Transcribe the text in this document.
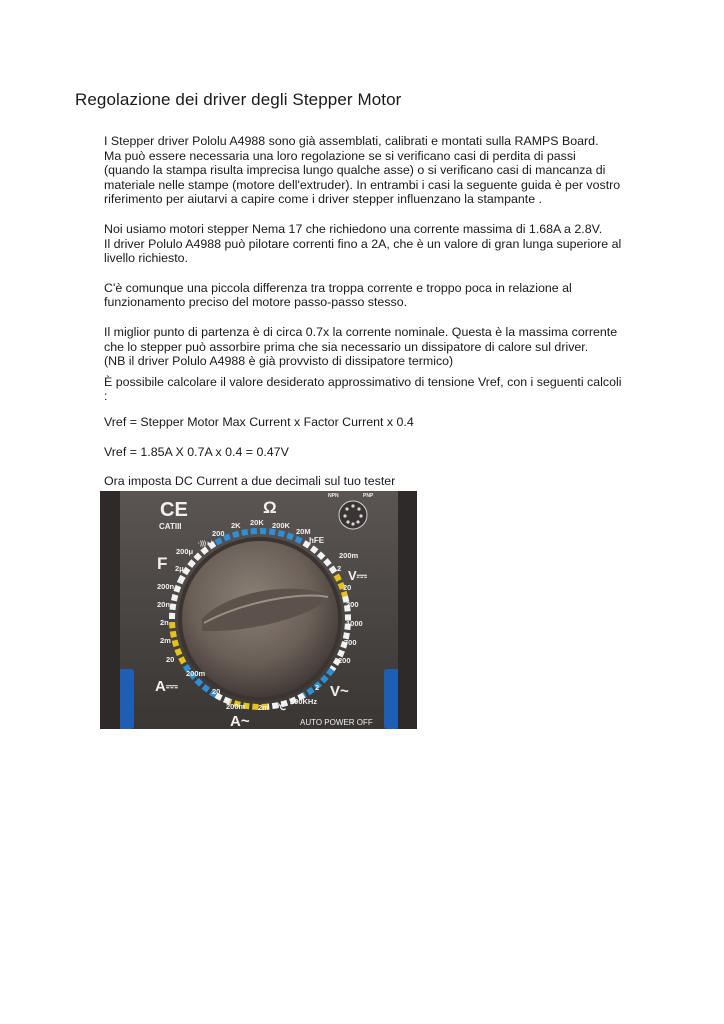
Regolazione dei driver degli Stepper Motor

I Stepper driver Pololu A4988 sono già assemblati, calibrati e montati sulla RAMPS Board.

Ma può essere necessaria una loro regolazione se si verificano casi di perdita di passi (quando la stampa risulta imprecisa lungo qualche asse) o si verificano casi di mancanza di materiale nelle stampe (motore dell'extruder). In entrambi i casi la seguente guida è per vostro riferimento per aiutarvi a capire come i driver stepper influenzano la stampante .

Noi usiamo motori stepper Nema 17 che richiedono una corrente massima di 1.68A a 2.8V.

Il driver Polulo A4988 può pilotare correnti fino a 2A, che è un valore di gran lunga superiore al livello richiesto.

C'è comunque una piccola differenza tra troppa corrente e troppo poca in relazione al funzionamento preciso del motore passo-passo stesso.

Il miglior punto di partenza è di circa 0.7x la corrente nominale. Questa è la massima corrente che lo stepper può assorbire prima che sia necessario un dissipatore di calore sul driver.

(NB il driver Polulo A4988 è già provvisto di dissipatore termico)

È possibile calcolare il valore desiderato approssimativo di tensione Vref, con i seguenti calcoli :

Vref = Stepper Motor Max Current x Factor Current x 0.4

Vref = 1.85A X 0.7A x 0.4 = 0.47V

Ora imposta DC Current a due decimali sul tuo tester

CE
CATIII
Ω
NPN	PNP
hFE
F
A⎓
A~
V⎓
V~
℃
·))) ▸|
AUTO POWER OFF
200
2K 20K 200K
20M
200m
2
20
200
1000
700
200
2
200KHz
2m
200m
20
200m
20
2m
2n
20n
200n
2μ
200μ
